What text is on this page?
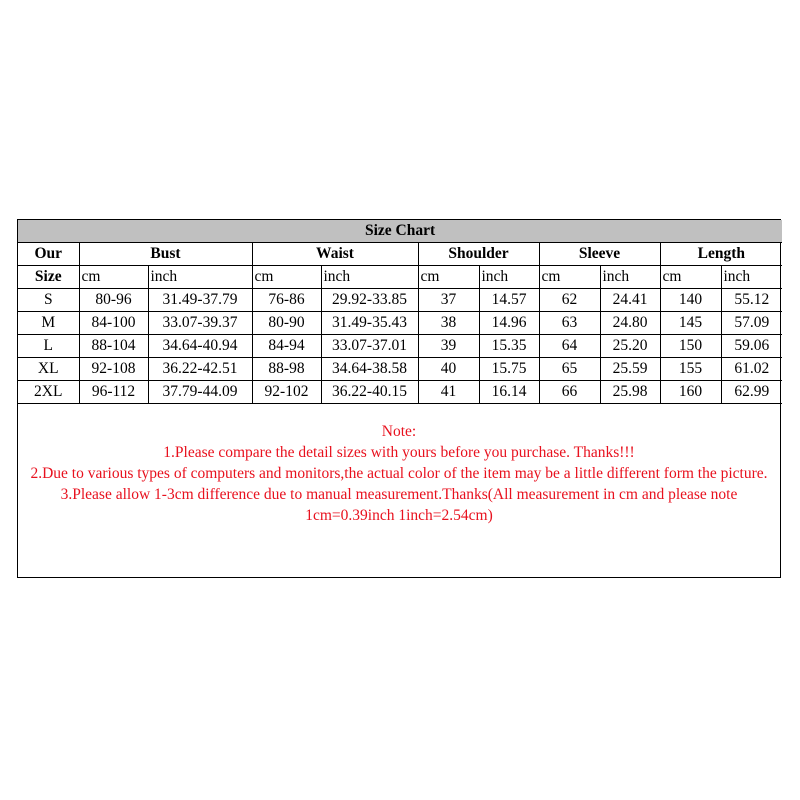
Size Chart										
Our	Bust		Waist		Shoulder		Sleeve		Length	
Size	cm	inch	cm	inch	cm	inch	cm	inch	cm	inch
S	80-96	31.49-37.79	76-86	29.92-33.85	37	14.57	62	24.41	140	55.12
M	84-100	33.07-39.37	80-90	31.49-35.43	38	14.96	63	24.80	145	57.09
L	88-104	34.64-40.94	84-94	33.07-37.01	39	15.35	64	25.20	150	59.06
XL	92-108	36.22-42.51	88-98	34.64-38.58	40	15.75	65	25.59	155	61.02
2XL	96-112	37.79-44.09	92-102	36.22-40.15	41	16.14	66	25.98	160	62.99
Note:
1.Please compare the detail sizes with yours before you purchase. Thanks!!!
2.Due to various types of computers and monitors,the actual color of the item may be a little different form the picture.
3.Please allow 1-3cm difference due to manual measurement.Thanks(All measurement in cm and please note 1cm=0.39inch 1inch=2.54cm)
